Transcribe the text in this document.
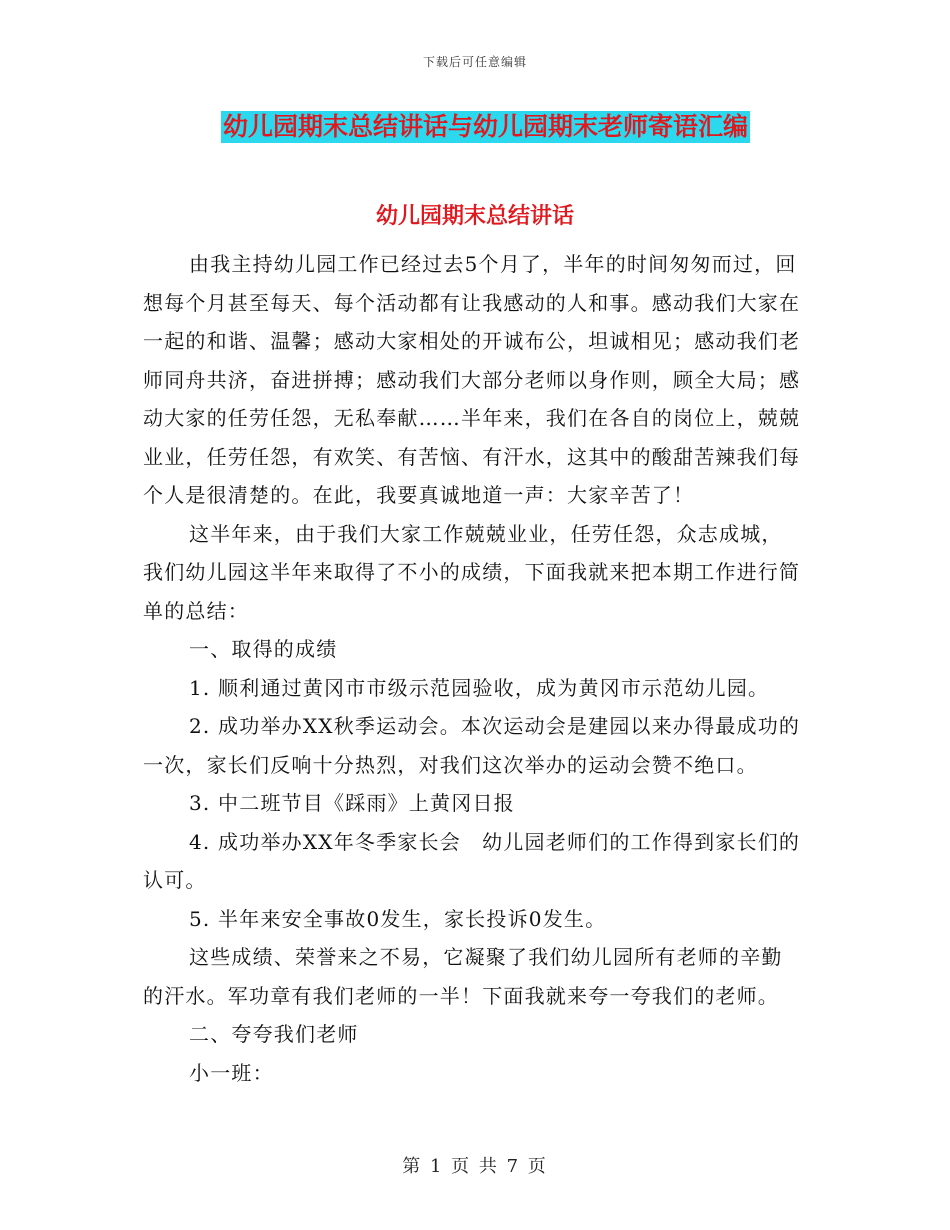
下载后可任意编辑
幼儿园期末总结讲话与幼儿园期末老师寄语汇编
幼儿园期末总结讲话

由我主持幼儿园工作已经过去5个月了，半年的时间匆匆而过，回想每个月甚至每天、每个活动都有让我感动的人和事。感动我们大家在一起的和谐、温馨；感动大家相处的开诚布公，坦诚相见；感动我们老师同舟共济，奋进拼搏；感动我们大部分老师以身作则，顾全大局；感动大家的任劳任怨，无私奉献……半年来，我们在各自的岗位上，兢兢业业，任劳任怨，有欢笑、有苦恼、有汗水，这其中的酸甜苦辣我们每个人是很清楚的。在此，我要真诚地道一声：大家辛苦了！

这半年来，由于我们大家工作兢兢业业，任劳任怨，众志成城，我们幼儿园这半年来取得了不小的成绩，下面我就来把本期工作进行简单的总结：

一、取得的成绩

1. 顺利通过黄冈市市级示范园验收，成为黄冈市示范幼儿园。

2. 成功举办XX秋季运动会。本次运动会是建园以来办得最成功的一次，家长们反响十分热烈，对我们这次举办的运动会赞不绝口。

3. 中二班节目《踩雨》上黄冈日报

4. 成功举办XX年冬季家长会　幼儿园老师们的工作得到家长们的认可。

5. 半年来安全事故0发生，家长投诉0发生。

这些成绩、荣誉来之不易，它凝聚了我们幼儿园所有老师的辛勤的汗水。军功章有我们老师的一半！下面我就来夸一夸我们的老师。

二、夸夸我们老师

小一班：

第 1 页 共 7 页
